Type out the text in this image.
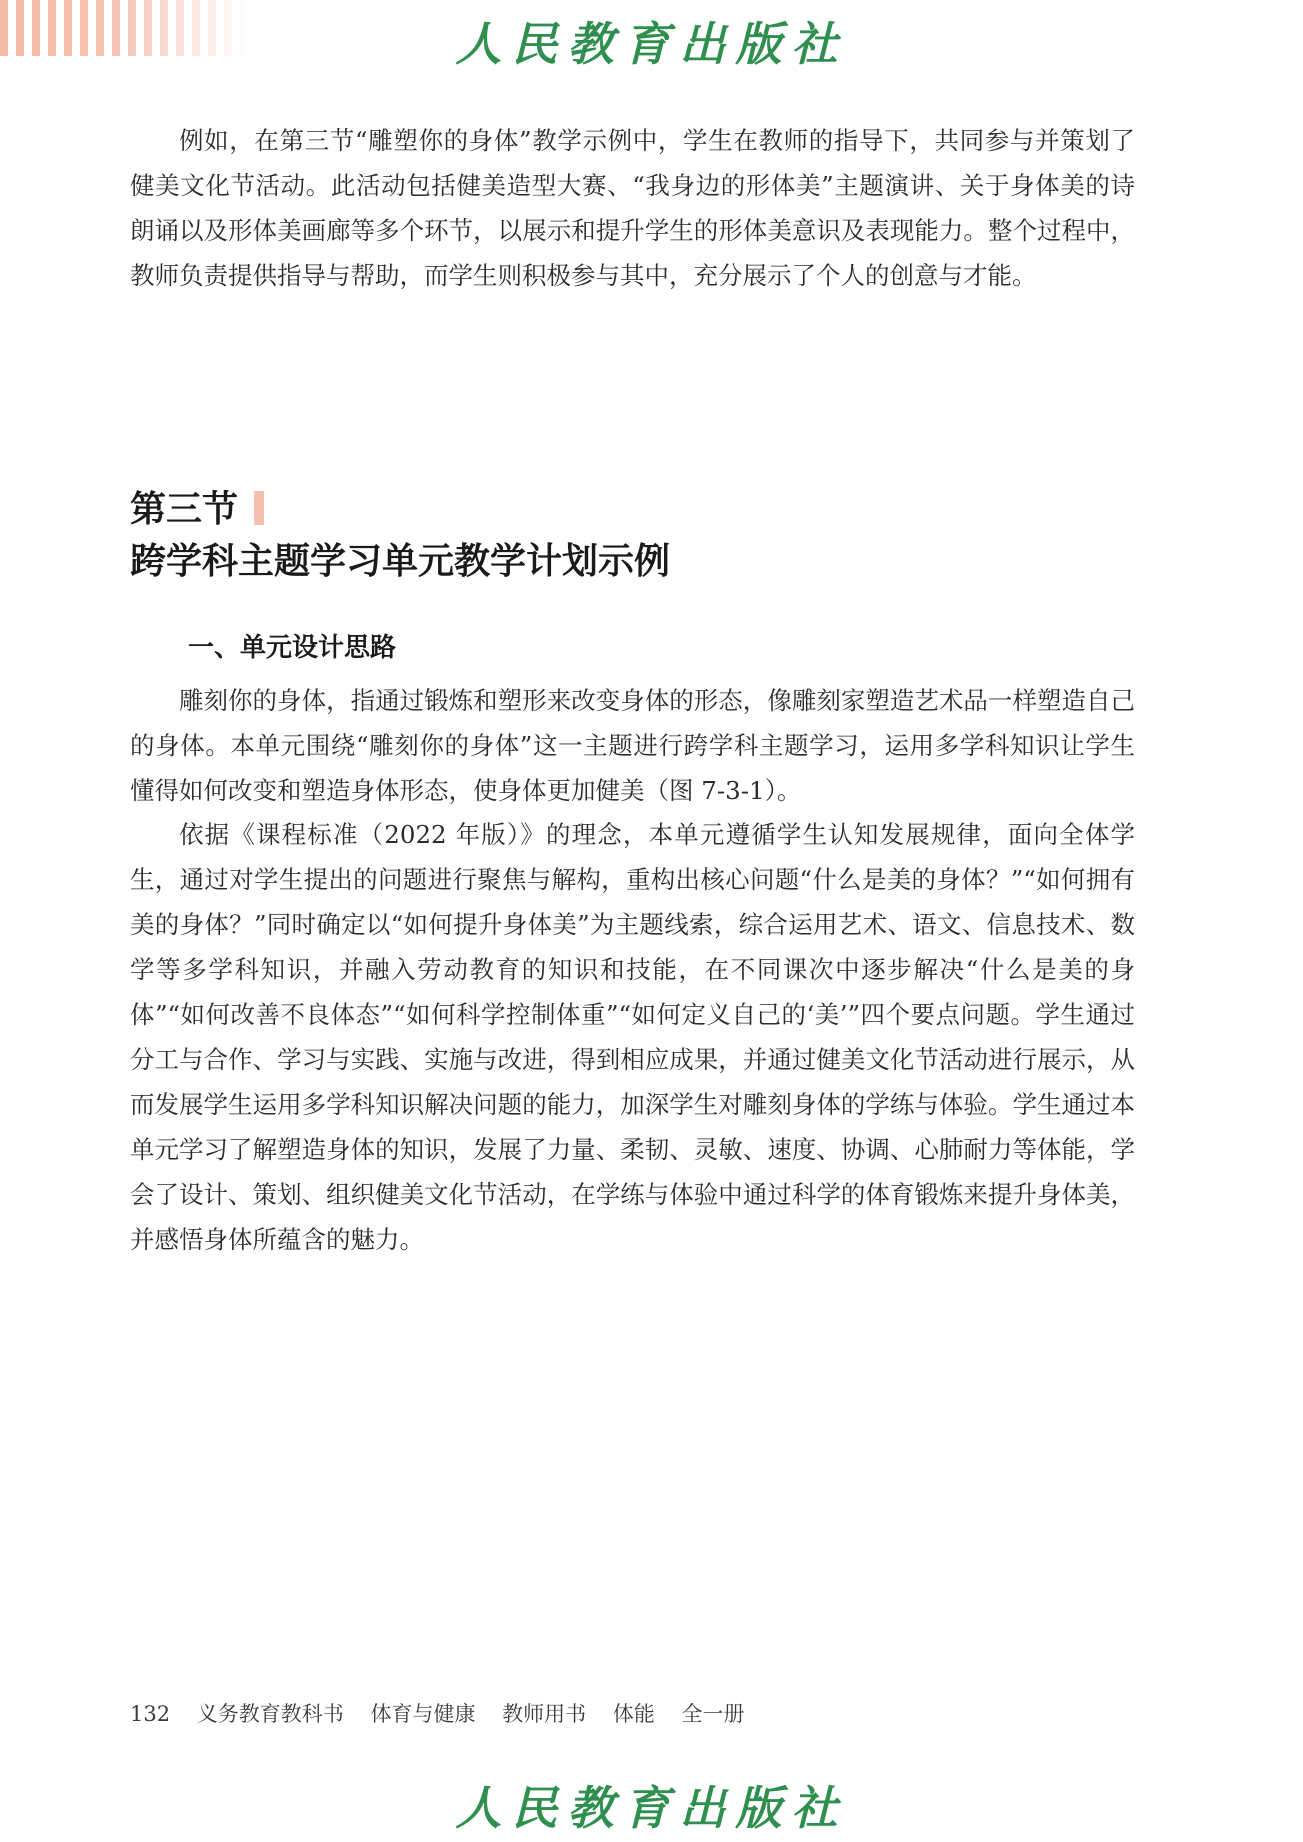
人民教育出版社

例如，在第三节“雕塑你的身体”教学示例中，学生在教师的指导下，共同参与并策划了健美文化节活动。此活动包括健美造型大赛、“我身边的形体美”主题演讲、关于身体美的诗朗诵以及形体美画廊等多个环节，以展示和提升学生的形体美意识及表现能力。整个过程中，教师负责提供指导与帮助，而学生则积极参与其中，充分展示了个人的创意与才能。

第三节
跨学科主题学习单元教学计划示例
一、单元设计思路

雕刻你的身体，指通过锻炼和塑形来改变身体的形态，像雕刻家塑造艺术品一样塑造自己的身体。本单元围绕“雕刻你的身体”这一主题进行跨学科主题学习，运用多学科知识让学生懂得如何改变和塑造身体形态，使身体更加健美（图 7-3-1）。

依据《课程标准（2022 年版）》的理念，本单元遵循学生认知发展规律，面向全体学生，通过对学生提出的问题进行聚焦与解构，重构出核心问题“什么是美的身体？”“如何拥有美的身体？”同时确定以“如何提升身体美”为主题线索，综合运用艺术、语文、信息技术、数学等多学科知识，并融入劳动教育的知识和技能，在不同课次中逐步解决“什么是美的身体”“如何改善不良体态”“如何科学控制体重”“如何定义自己的‘美’”四个要点问题。学生通过分工与合作、学习与实践、实施与改进，得到相应成果，并通过健美文化节活动进行展示，从而发展学生运用多学科知识解决问题的能力，加深学生对雕刻身体的学练与体验。学生通过本单元学习了解塑造身体的知识，发展了力量、柔韧、灵敏、速度、协调、心肺耐力等体能，学会了设计、策划、组织健美文化节活动，在学练与体验中通过科学的体育锻炼来提升身体美，并感悟身体所蕴含的魅力。

132 义务教育教科书 体育与健康 教师用书 体能 全一册
人民教育出版社
